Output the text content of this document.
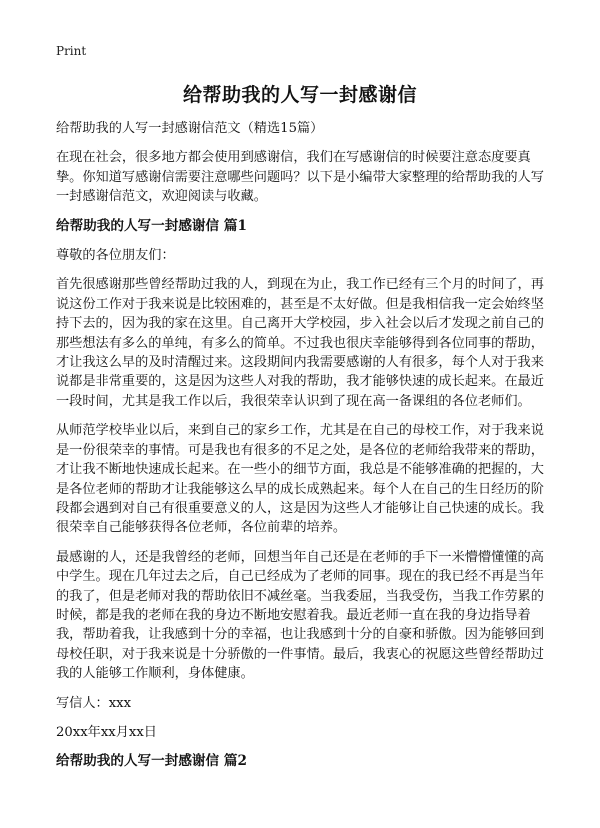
Print
给帮助我的人写一封感谢信

给帮助我的人写一封感谢信范文（精选15篇）

在现在社会，很多地方都会使用到感谢信，我们在写感谢信的时候要注意态度要真挚。你知道写感谢信需要注意哪些问题吗？以下是小编带大家整理的给帮助我的人写一封感谢信范文，欢迎阅读与收藏。

给帮助我的人写一封感谢信 篇1

尊敬的各位朋友们：

首先很感谢那些曾经帮助过我的人，到现在为止，我工作已经有三个月的时间了，再说这份工作对于我来说是比较困难的，甚至是不太好做。但是我相信我一定会始终坚持下去的，因为我的家在这里。自己离开大学校园，步入社会以后才发现之前自己的那些想法有多么的单纯，有多么的简单。不过我也很庆幸能够得到各位同事的帮助，才让我这么早的及时清醒过来。这段期间内我需要感谢的人有很多，每个人对于我来说都是非常重要的，这是因为这些人对我的帮助，我才能够快速的成长起来。在最近一段时间，尤其是我工作以后，我很荣幸认识到了现在高一备课组的各位老师们。

从师范学校毕业以后，来到自己的家乡工作，尤其是在自己的母校工作，对于我来说是一份很荣幸的事情。可是我也有很多的不足之处，是各位的老师给我带来的帮助，才让我不断地快速成长起来。在一些小的细节方面，我总是不能够准确的把握的，大是各位老师的帮助才让我能够这么早的成长成熟起来。每个人在自己的生日经历的阶段都会遇到对自己有很重要意义的人，这是因为这些人才能够让自己快速的成长。我很荣幸自己能够获得各位老师，各位前辈的培养。

最感谢的人，还是我曾经的老师，回想当年自己还是在老师的手下一米懵懵懂懂的高中学生。现在几年过去之后，自己已经成为了老师的同事。现在的我已经不再是当年的我了，但是老师对我的帮助依旧不减丝毫。当我委屈，当我受伤，当我工作劳累的时候，都是我的老师在我的身边不断地安慰着我。最近老师一直在我的身边指导着我，帮助着我，让我感到十分的幸福，也让我感到十分的自豪和骄傲。因为能够回到母校任职，对于我来说是十分骄傲的一件事情。最后，我衷心的祝愿这些曾经帮助过我的人能够工作顺利，身体健康。

写信人：xxx

20xx年xx月xx日

给帮助我的人写一封感谢信 篇2
